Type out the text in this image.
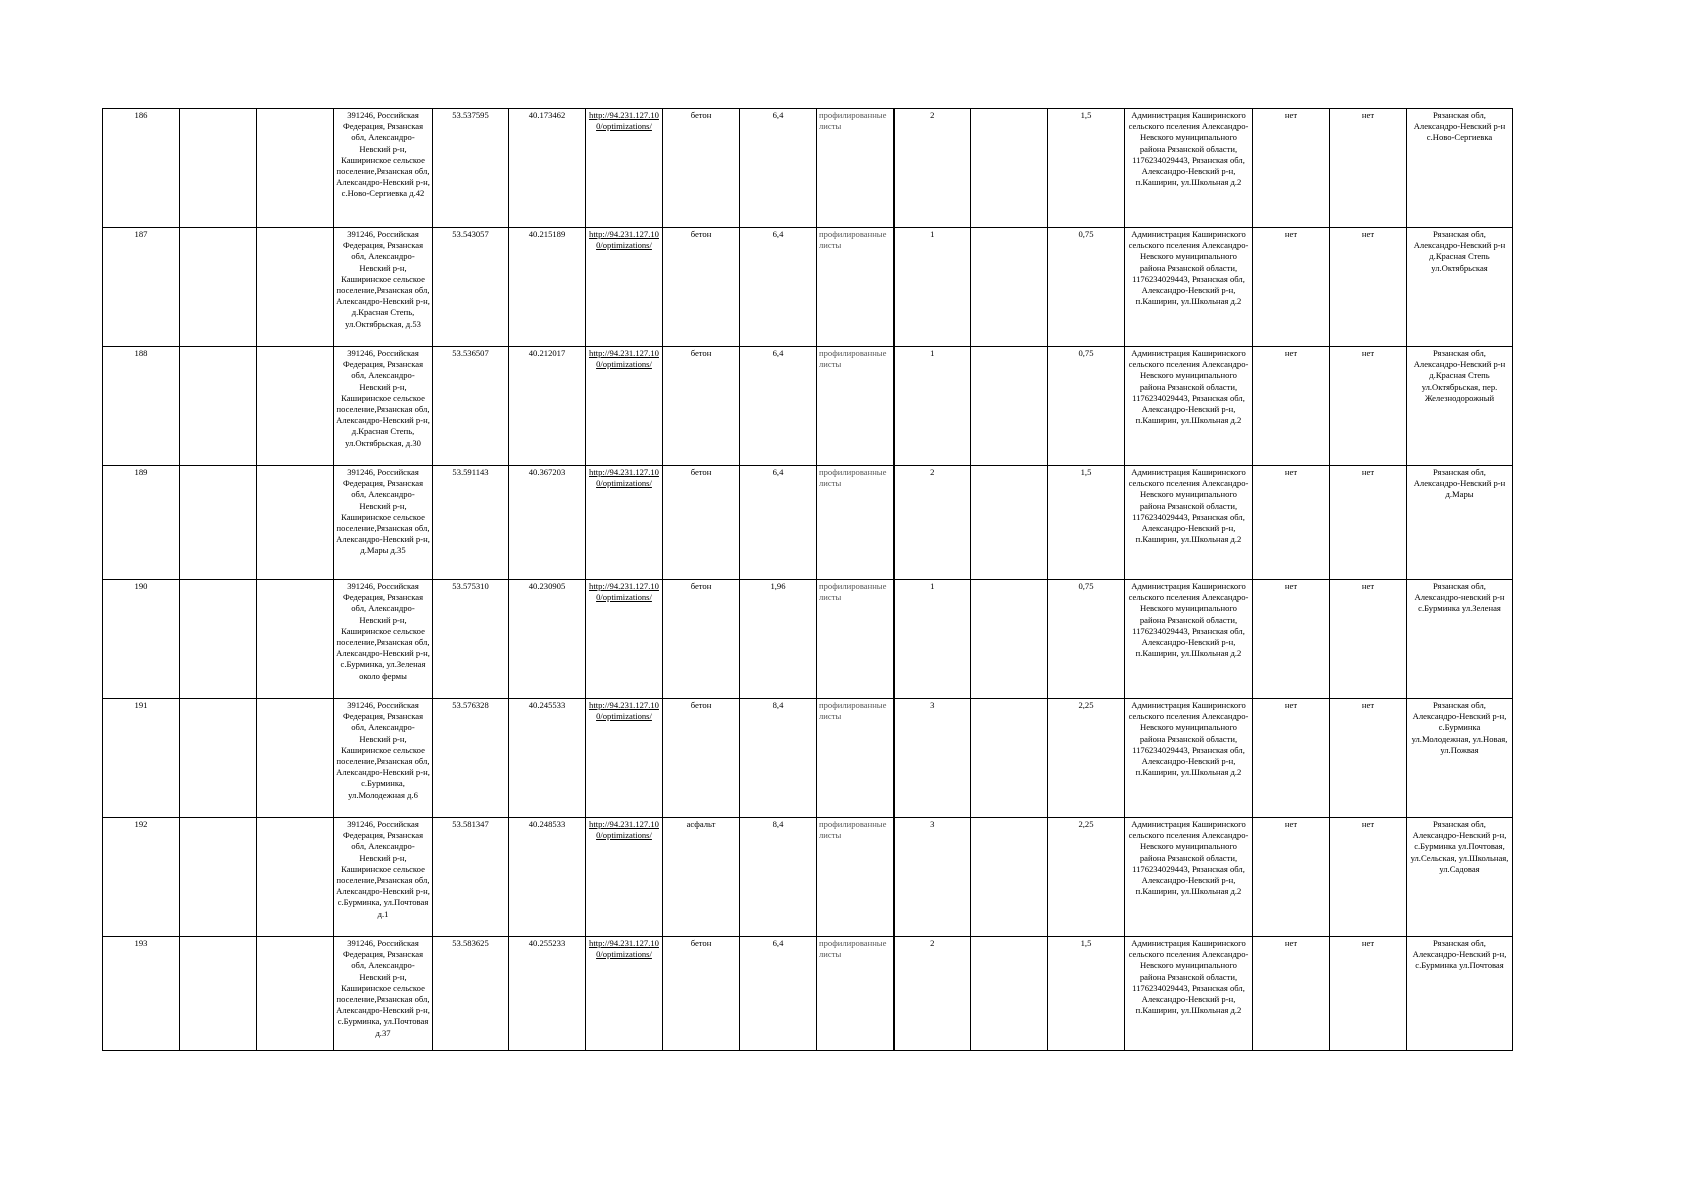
186			391246, Российская Федерация, Рязанская обл, Александро-Невский р-н, Каширинское сельское поселение,Рязанская обл, Александро-Невский р-н, с.Ново-Сергиевка д.42	53.537595	40.173462	http://94.231.127.10 0/optimizations/	бетон	6,4	профилированные листы	2		1,5	Администрация Каширинского сельского пселения Александро-Невского муниципального района Рязанской области, 1176234029443, Рязанская обл, Александро-Невский р-н, п.Каширин, ул.Школьная д.2	нет	нет	Рязанская обл, Александро-Невский р-н с.Ново-Сергиевка
187			391246, Российская Федерация, Рязанская обл, Александро-Невский р-н, Каширинское сельское поселение,Рязанская обл, Александро-Невский р-н, д.Красная Степь, ул.Октябрьская, д.53	53.543057	40.215189	http://94.231.127.10 0/optimizations/	бетон	6,4	профилированные листы	1		0,75	Администрация Каширинского сельского пселения Александро-Невского муниципального района Рязанской области, 1176234029443, Рязанская обл, Александро-Невский р-н, п.Каширин, ул.Школьная д.2	нет	нет	Рязанская обл, Александро-Невский р-н д.Красная Степь ул.Октябрьская
188			391246, Российская Федерация, Рязанская обл, Александро-Невский р-н, Каширинское сельское поселение,Рязанская обл, Александро-Невский р-н, д.Красная Степь, ул.Октябрьская, д.30	53.536507	40.212017	http://94.231.127.10 0/optimizations/	бетон	6,4	профилированные листы	1		0,75	Администрация Каширинского сельского пселения Александро-Невского муниципального района Рязанской области, 1176234029443, Рязанская обл, Александро-Невский р-н, п.Каширин, ул.Школьная д.2	нет	нет	Рязанская обл, Александро-Невский р-н д.Красная Степь ул.Октябрьская, пер. Железнодорожный
189			391246, Российская Федерация, Рязанская обл, Александро-Невский р-н, Каширинское сельское поселение,Рязанская обл, Александро-Невский р-н, д.Мары д.35	53.591143	40.367203	http://94.231.127.10 0/optimizations/	бетон	6,4	профилированные листы	2		1,5	Администрация Каширинского сельского пселения Александро-Невского муниципального района Рязанской области, 1176234029443, Рязанская обл, Александро-Невский р-н, п.Каширин, ул.Школьная д.2	нет	нет	Рязанская обл, Александро-Невский р-н д.Мары
190			391246, Российская Федерация, Рязанская обл, Александро-Невский р-н, Каширинское сельское поселение,Рязанская обл, Александро-Невский р-н, с.Бурминка, ул.Зеленая около фермы	53.575310	40.230905	http://94.231.127.10 0/optimizations/	бетон	1,96	профилированные листы	1		0,75	Администрация Каширинского сельского пселения Александро-Невского муниципального района Рязанской области, 1176234029443, Рязанская обл, Александро-Невский р-н, п.Каширин, ул.Школьная д.2	нет	нет	Рязанская обл, Александро-невский р-н с.Бурминка ул.Зеленая
191			391246, Российская Федерация, Рязанская обл, Александро-Невский р-н, Каширинское сельское поселение,Рязанская обл, Александро-Невский р-н, с.Бурминка, ул.Молодежная д.6	53.576328	40.245533	http://94.231.127.10 0/optimizations/	бетон	8,4	профилированные листы	3		2,25	Администрация Каширинского сельского пселения Александро-Невского муниципального района Рязанской области, 1176234029443, Рязанская обл, Александро-Невский р-н, п.Каширин, ул.Школьная д.2	нет	нет	Рязанская обл, Александро-Невский р-н, с.Бурминка ул.Молодежная, ул.Новая, ул.Пожвая
192			391246, Российская Федерация, Рязанская обл, Александро-Невский р-н, Каширинское сельское поселение,Рязанская обл, Александро-Невский р-н, с.Бурминка, ул.Почтовая д.1	53.581347	40.248533	http://94.231.127.10 0/optimizations/	асфальт	8,4	профилированные листы	3		2,25	Администрация Каширинского сельского пселения Александро-Невского муниципального района Рязанской области, 1176234029443, Рязанская обл, Александро-Невский р-н, п.Каширин, ул.Школьная д.2	нет	нет	Рязанская обл, Александро-Невский р-н, с.Бурминка ул.Почтовая, ул.Сельская, ул.Школьная, ул.Садовая
193			391246, Российская Федерация, Рязанская обл, Александро-Невский р-н, Каширинское сельское поселение,Рязанская обл, Александро-Невский р-н, с.Бурминка, ул.Почтовая д.37	53.583625	40.255233	http://94.231.127.10 0/optimizations/	бетон	6,4	профилированные листы	2		1,5	Администрация Каширинского сельского пселения Александро-Невского муниципального района Рязанской области, 1176234029443, Рязанская обл, Александро-Невский р-н, п.Каширин, ул.Школьная д.2	нет	нет	Рязанская обл, Александро-Невский р-н, с.Бурминка ул.Почтовая
